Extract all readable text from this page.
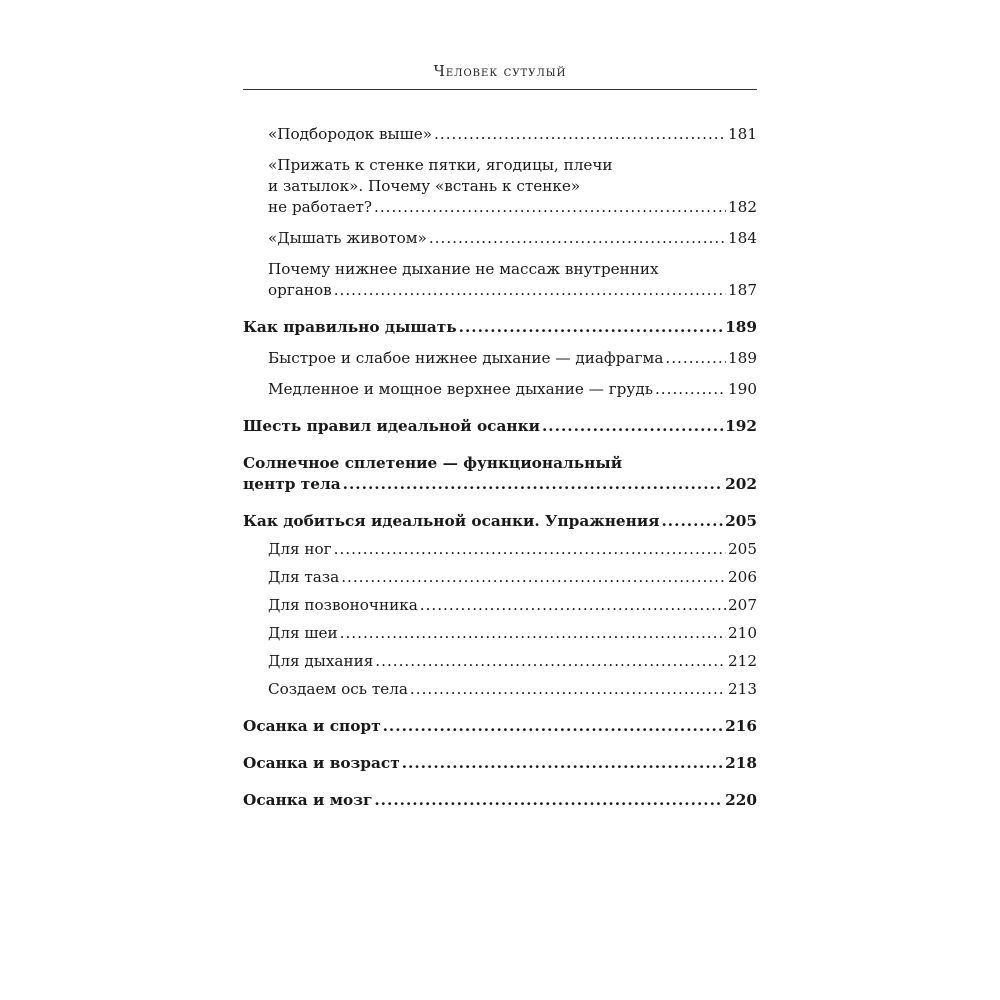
Человек сутулый
«Подбородок выше» .....	181
«Прижать к стенке пятки, ягодицы, плечи
и затылок». Почему «встань к стенке»
не работает? .....	182
«Дышать животом» .....	184
Почему нижнее дыхание не массаж внутренних
органов .....	187
Как правильно дышать .....	189
Быстрое и слабое нижнее дыхание — диафрагма .....	189
Медленное и мощное верхнее дыхание — грудь .....	190
Шесть правил идеальной осанки .....	192
Солнечное сплетение — функциональный
центр тела .....	202
Как добиться идеальной осанки. Упражнения .....	205
Для ног .....	205
Для таза .....	206
Для позвоночника .....	207
Для шеи .....	210
Для дыхания .....	212
Создаем ось тела .....	213
Осанка и спорт .....	216
Осанка и возраст .....	218
Осанка и мозг .....	220
